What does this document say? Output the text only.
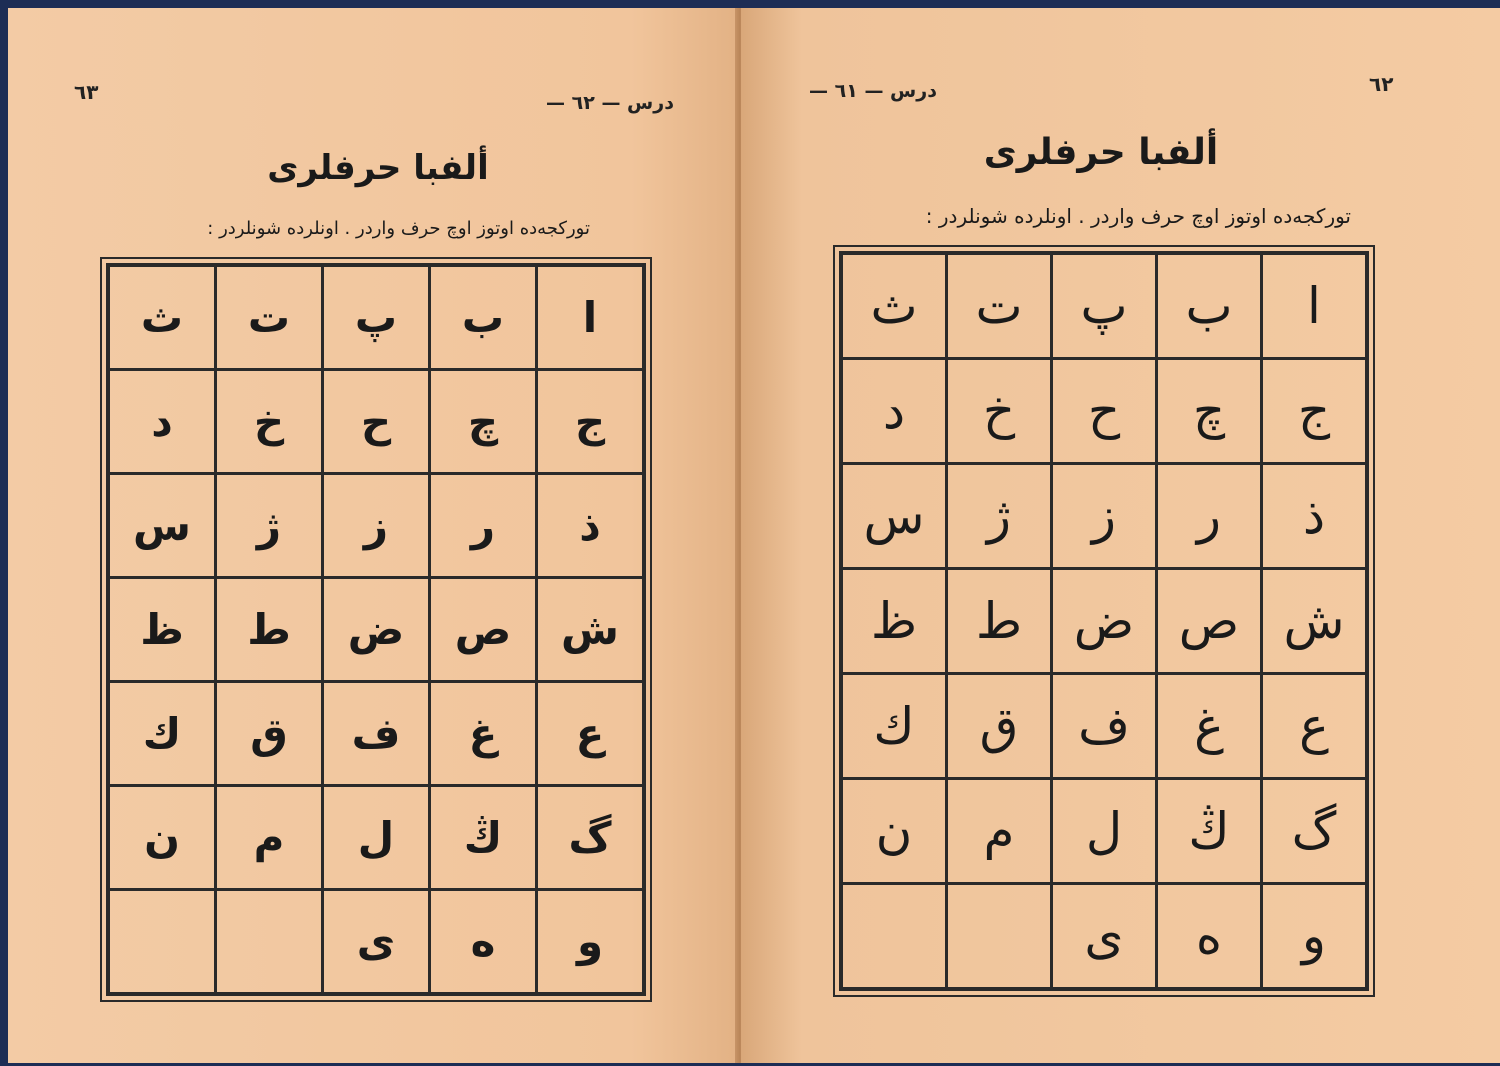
٦٣	درس — ٦٢ —
ألفبا حرفلرى
توركجه‌ده اوتوز اوچ حرف واردر . اونلرده شونلردر :
ا	ب	پ	ت	ث
ج	چ	ح	خ	د
ذ	ر	ز	ژ	س
ش	ص	ض	ط	ظ
ع	غ	ف	ق	ك
گ	ڭ	ل	م	ن
و	ه	ى		
٦٢
درس — ٦١ —
ألفبا حرفلرى
توركجه‌ده اوتوز اوچ حرف واردر . اونلرده شونلردر :
ا	ب	پ	ت	ث
ج	چ	ح	خ	د
ذ	ر	ز	ژ	س
ش	ص	ض	ط	ظ
ع	غ	ف	ق	ك
گ	ڭ	ل	م	ن
و	ه	ى		
